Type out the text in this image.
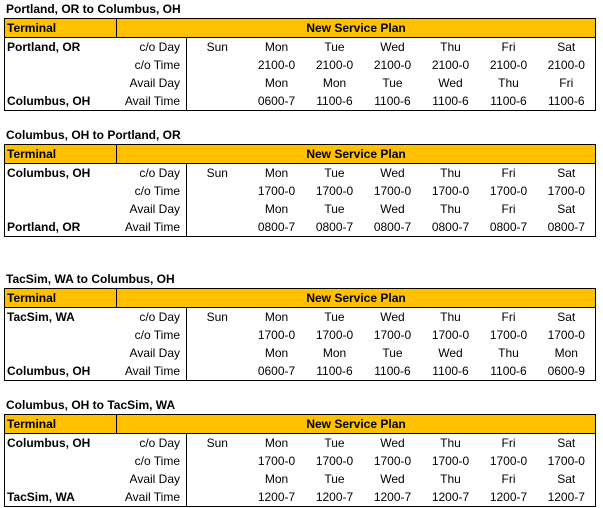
Portland, OR to Columbus, OH
Terminal	New Service Plan							
Portland, OR	c/o Day	Sun	Mon	Tue	Wed	Thu	Fri	Sat
	c/o Time		2100-0	2100-0	2100-0	2100-0	2100-0	2100-0
	Avail Day		Mon	Mon	Tue	Wed	Thu	Fri
Columbus, OH	Avail Time		0600-7	1100-6	1100-6	1100-6	1100-6	1100-6
Columbus, OH to Portland, OR
Terminal	New Service Plan							
Columbus, OH	c/o Day	Sun	Mon	Tue	Wed	Thu	Fri	Sat
	c/o Time		1700-0	1700-0	1700-0	1700-0	1700-0	1700-0
	Avail Day		Mon	Tue	Wed	Thu	Fri	Sat
Portland, OR	Avail Time		0800-7	0800-7	0800-7	0800-7	0800-7	0800-7
TacSim, WA to Columbus, OH
Terminal	New Service Plan							
TacSim, WA	c/o Day	Sun	Mon	Tue	Wed	Thu	Fri	Sat
	c/o Time		1700-0	1700-0	1700-0	1700-0	1700-0	1700-0
	Avail Day		Mon	Mon	Tue	Wed	Thu	Mon
Columbus, OH	Avail Time		0600-7	1100-6	1100-6	1100-6	1100-6	0600-9
Columbus, OH to TacSim, WA
Terminal	New Service Plan							
Columbus, OH	c/o Day	Sun	Mon	Tue	Wed	Thu	Fri	Sat
	c/o Time		1700-0	1700-0	1700-0	1700-0	1700-0	1700-0
	Avail Day		Mon	Tue	Wed	Thu	Fri	Sat
TacSim, WA	Avail Time		1200-7	1200-7	1200-7	1200-7	1200-7	1200-7
